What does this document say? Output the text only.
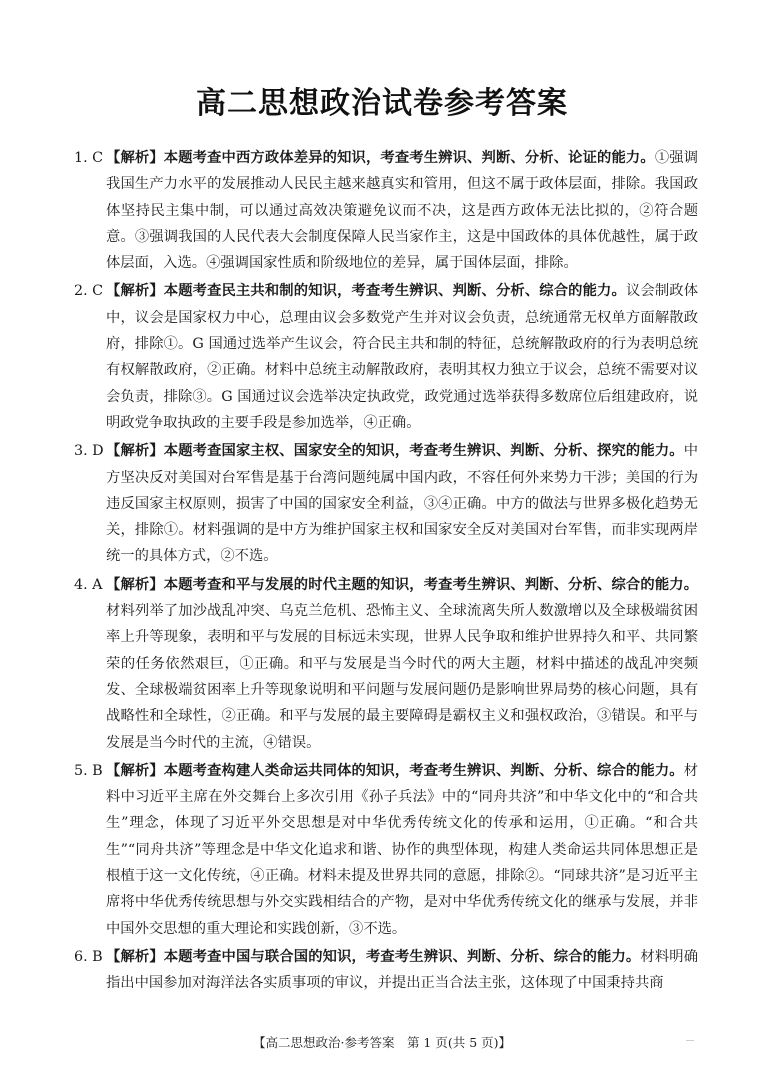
高二思想政治试卷参考答案
1. C 【解析】本题考查中西方政体差异的知识，考查考生辨识、判断、分析、论证的能力。①强调我国生产力水平的发展推动人民民主越来越真实和管用，但这不属于政体层面，排除。我国政体坚持民主集中制，可以通过高效决策避免议而不决，这是西方政体无法比拟的，②符合题意。③强调我国的人民代表大会制度保障人民当家作主，这是中国政体的具体优越性，属于政体层面，入选。④强调国家性质和阶级地位的差异，属于国体层面，排除。
2. C 【解析】本题考查民主共和制的知识，考查考生辨识、判断、分析、综合的能力。议会制政体中，议会是国家权力中心，总理由议会多数党产生并对议会负责，总统通常无权单方面解散政府，排除①。G 国通过选举产生议会，符合民主共和制的特征，总统解散政府的行为表明总统有权解散政府，②正确。材料中总统主动解散政府，表明其权力独立于议会，总统不需要对议会负责，排除③。G 国通过议会选举决定执政党，政党通过选举获得多数席位后组建政府，说明政党争取执政的主要手段是参加选举，④正确。
3. D 【解析】本题考查国家主权、国家安全的知识，考查考生辨识、判断、分析、探究的能力。中方坚决反对美国对台军售是基于台湾问题纯属中国内政，不容任何外来势力干涉；美国的行为违反国家主权原则，损害了中国的国家安全利益，③④正确。中方的做法与世界多极化趋势无关，排除①。材料强调的是中方为维护国家主权和国家安全反对美国对台军售，而非实现两岸统一的具体方式，②不选。
4. A 【解析】本题考查和平与发展的时代主题的知识，考查考生辨识、判断、分析、综合的能力。材料列举了加沙战乱冲突、乌克兰危机、恐怖主义、全球流离失所人数激增以及全球极端贫困率上升等现象，表明和平与发展的目标远未实现，世界人民争取和维护世界持久和平、共同繁荣的任务依然艰巨，①正确。和平与发展是当今时代的两大主题，材料中描述的战乱冲突频发、全球极端贫困率上升等现象说明和平问题与发展问题仍是影响世界局势的核心问题，具有战略性和全球性，②正确。和平与发展的最主要障碍是霸权主义和强权政治，③错误。和平与发展是当今时代的主流，④错误。
5. B 【解析】本题考查构建人类命运共同体的知识，考查考生辨识、判断、分析、综合的能力。材料中习近平主席在外交舞台上多次引用《孙子兵法》中的“同舟共济”和中华文化中的“和合共生”理念，体现了习近平外交思想是对中华优秀传统文化的传承和运用，①正确。“和合共生”“同舟共济”等理念是中华文化追求和谐、协作的典型体现，构建人类命运共同体思想正是根植于这一文化传统，④正确。材料未提及世界共同的意愿，排除②。“同球共济”是习近平主席将中华优秀传统思想与外交实践相结合的产物，是对中华优秀传统文化的继承与发展，并非中国外交思想的重大理论和实践创新，③不选。
6. B 【解析】本题考查中国与联合国的知识，考查考生辨识、判断、分析、综合的能力。材料明确指出中国参加对海洋法各实质事项的审议，并提出正当合法主张，这体现了中国秉持共商
【高二思想政治·参考答案　第 1 页(共 5 页)】
